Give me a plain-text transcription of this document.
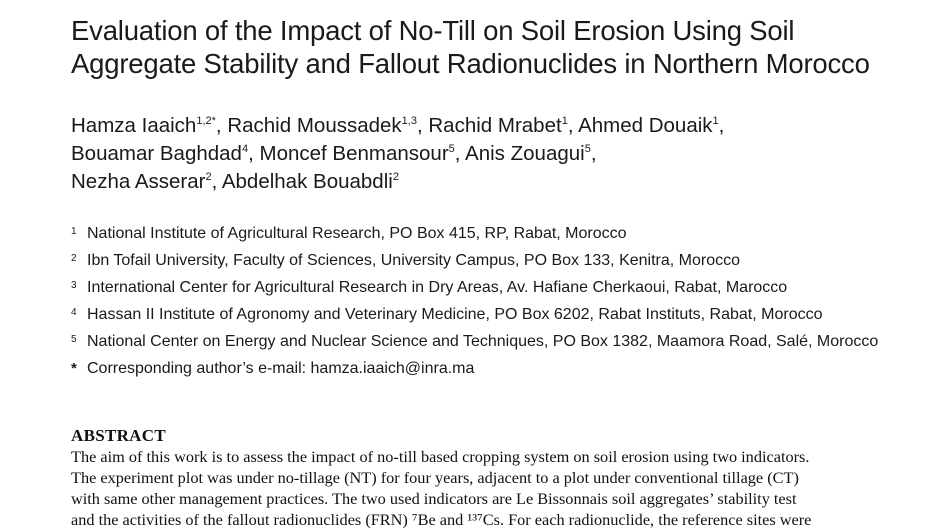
Evaluation of the Impact of No-Till on Soil Erosion Using Soil
Aggregate Stability and Fallout Radionuclides in Northern Morocco
Hamza Iaaich$^{1,2*}$, Rachid Moussadek$^{1,3}$, Rachid Mrabet$^1$, Ahmed Douaik$^1$,
Bouamar Baghdad$^4$, Moncef Benmansour$^5$, Anis Zouagui$^5$,
Nezha Asserar$^2$, Abdelhak Bouabdli$^2$
1 National Institute of Agricultural Research, PO Box 415, RP, Rabat, Morocco
2 Ibn Tofail University, Faculty of Sciences, University Campus, PO Box 133, Kenitra, Morocco
3 International Center for Agricultural Research in Dry Areas, Av. Hafiane Cherkaoui, Rabat, Marocco
4 Hassan II Institute of Agronomy and Veterinary Medicine, PO Box 6202, Rabat Instituts, Rabat, Morocco
5 National Center on Energy and Nuclear Science and Techniques, PO Box 1382, Maamora Road, Salé, Morocco
* Corresponding author’s e-mail: hamza.iaaich@inra.ma
ABSTRACT

The aim of this work is to assess the impact of no-till based cropping system on soil erosion using two indicators.
The experiment plot was under no-tillage (NT) for four years, adjacent to a plot under conventional tillage (CT)
with same other management practices. The two used indicators are Le Bissonnais soil aggregates’ stability test
and the activities of the fallout radionuclides (FRN) ⁷Be and ¹³⁷Cs. For each radionuclide, the reference sites were
